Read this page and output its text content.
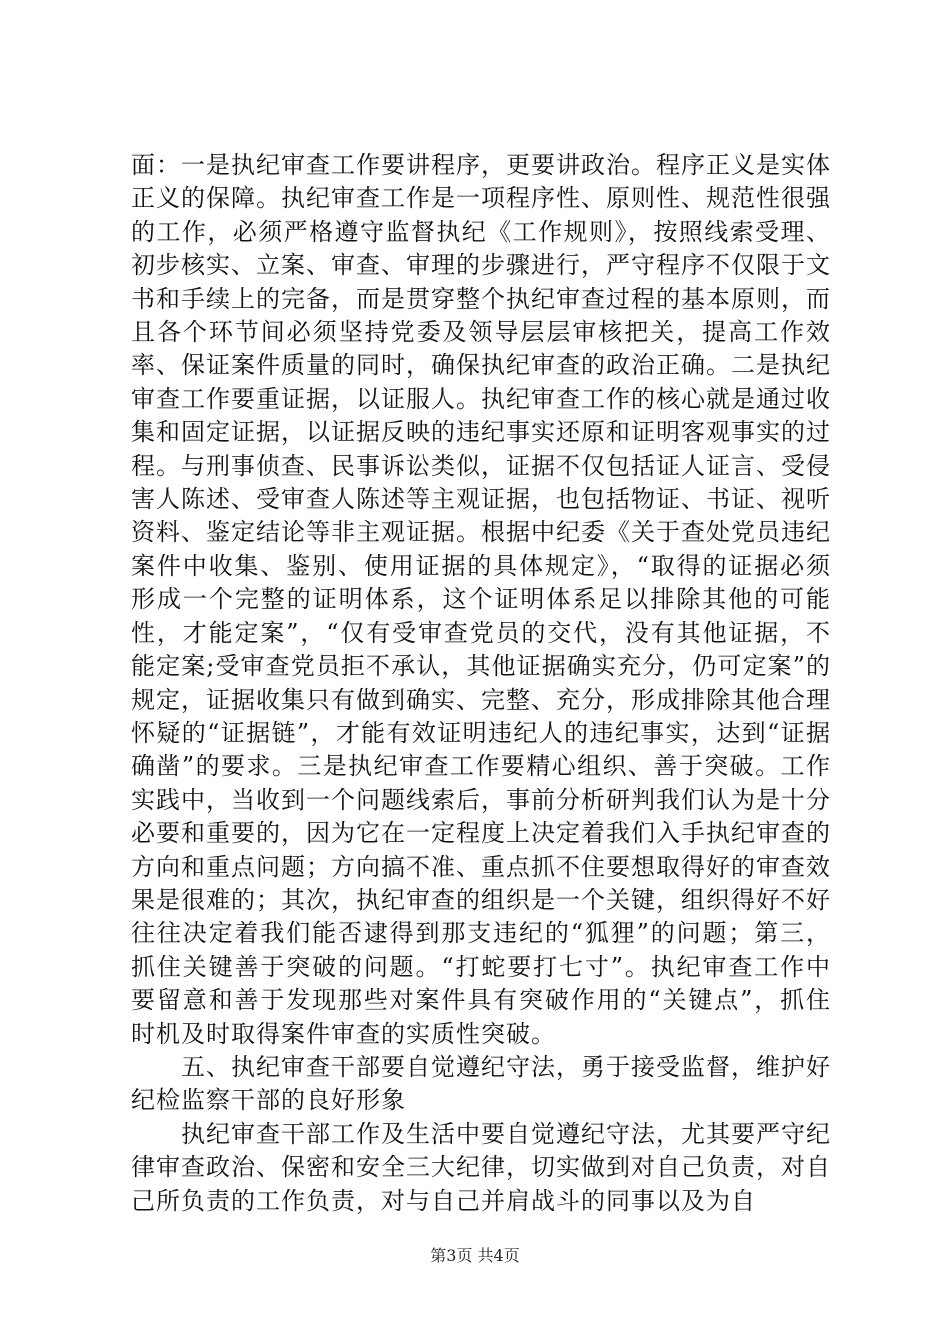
面：一是执纪审查工作要讲程序，更要讲政治。程序正义是实体正义的保障。执纪审查工作是一项程序性、原则性、规范性很强的工作，必须严格遵守监督执纪《工作规则》，按照线索受理、初步核实、立案、审查、审理的步骤进行，严守程序不仅限于文书和手续上的完备，而是贯穿整个执纪审查过程的基本原则，而且各个环节间必须坚持党委及领导层层审核把关，提高工作效率、保证案件质量的同时，确保执纪审查的政治正确。二是执纪审查工作要重证据，以证服人。执纪审查工作的核心就是通过收集和固定证据，以证据反映的违纪事实还原和证明客观事实的过程。与刑事侦查、民事诉讼类似，证据不仅包括证人证言、受侵害人陈述、受审查人陈述等主观证据，也包括物证、书证、视听资料、鉴定结论等非主观证据。根据中纪委《关于查处党员违纪案件中收集、鉴别、使用证据的具体规定》，“取得的证据必须形成一个完整的证明体系，这个证明体系足以排除其他的可能性，才能定案”，“仅有受审查党员的交代，没有其他证据，不能定案;受审查党员拒不承认，其他证据确实充分，仍可定案”的规定，证据收集只有做到确实、完整、充分，形成排除其他合理怀疑的“证据链”，才能有效证明违纪人的违纪事实，达到“证据确凿”的要求。三是执纪审查工作要精心组织、善于突破。工作实践中，当收到一个问题线索后，事前分析研判我们认为是十分必要和重要的，因为它在一定程度上决定着我们入手执纪审查的方向和重点问题；方向搞不准、重点抓不住要想取得好的审查效果是很难的；其次，执纪审查的组织是一个关键，组织得好不好往往决定着我们能否逮得到那支违纪的“狐狸”的问题；第三，抓住关键善于突破的问题。“打蛇要打七寸”。执纪审查工作中要留意和善于发现那些对案件具有突破作用的“关键点”，抓住时机及时取得案件审查的实质性突破。

五、执纪审查干部要自觉遵纪守法，勇于接受监督，维护好纪检监察干部的良好形象

执纪审查干部工作及生活中要自觉遵纪守法，尤其要严守纪律审查政治、保密和安全三大纪律，切实做到对自己负责，对自己所负责的工作负责，对与自己并肩战斗的同事以及为自

第3页 共4页
